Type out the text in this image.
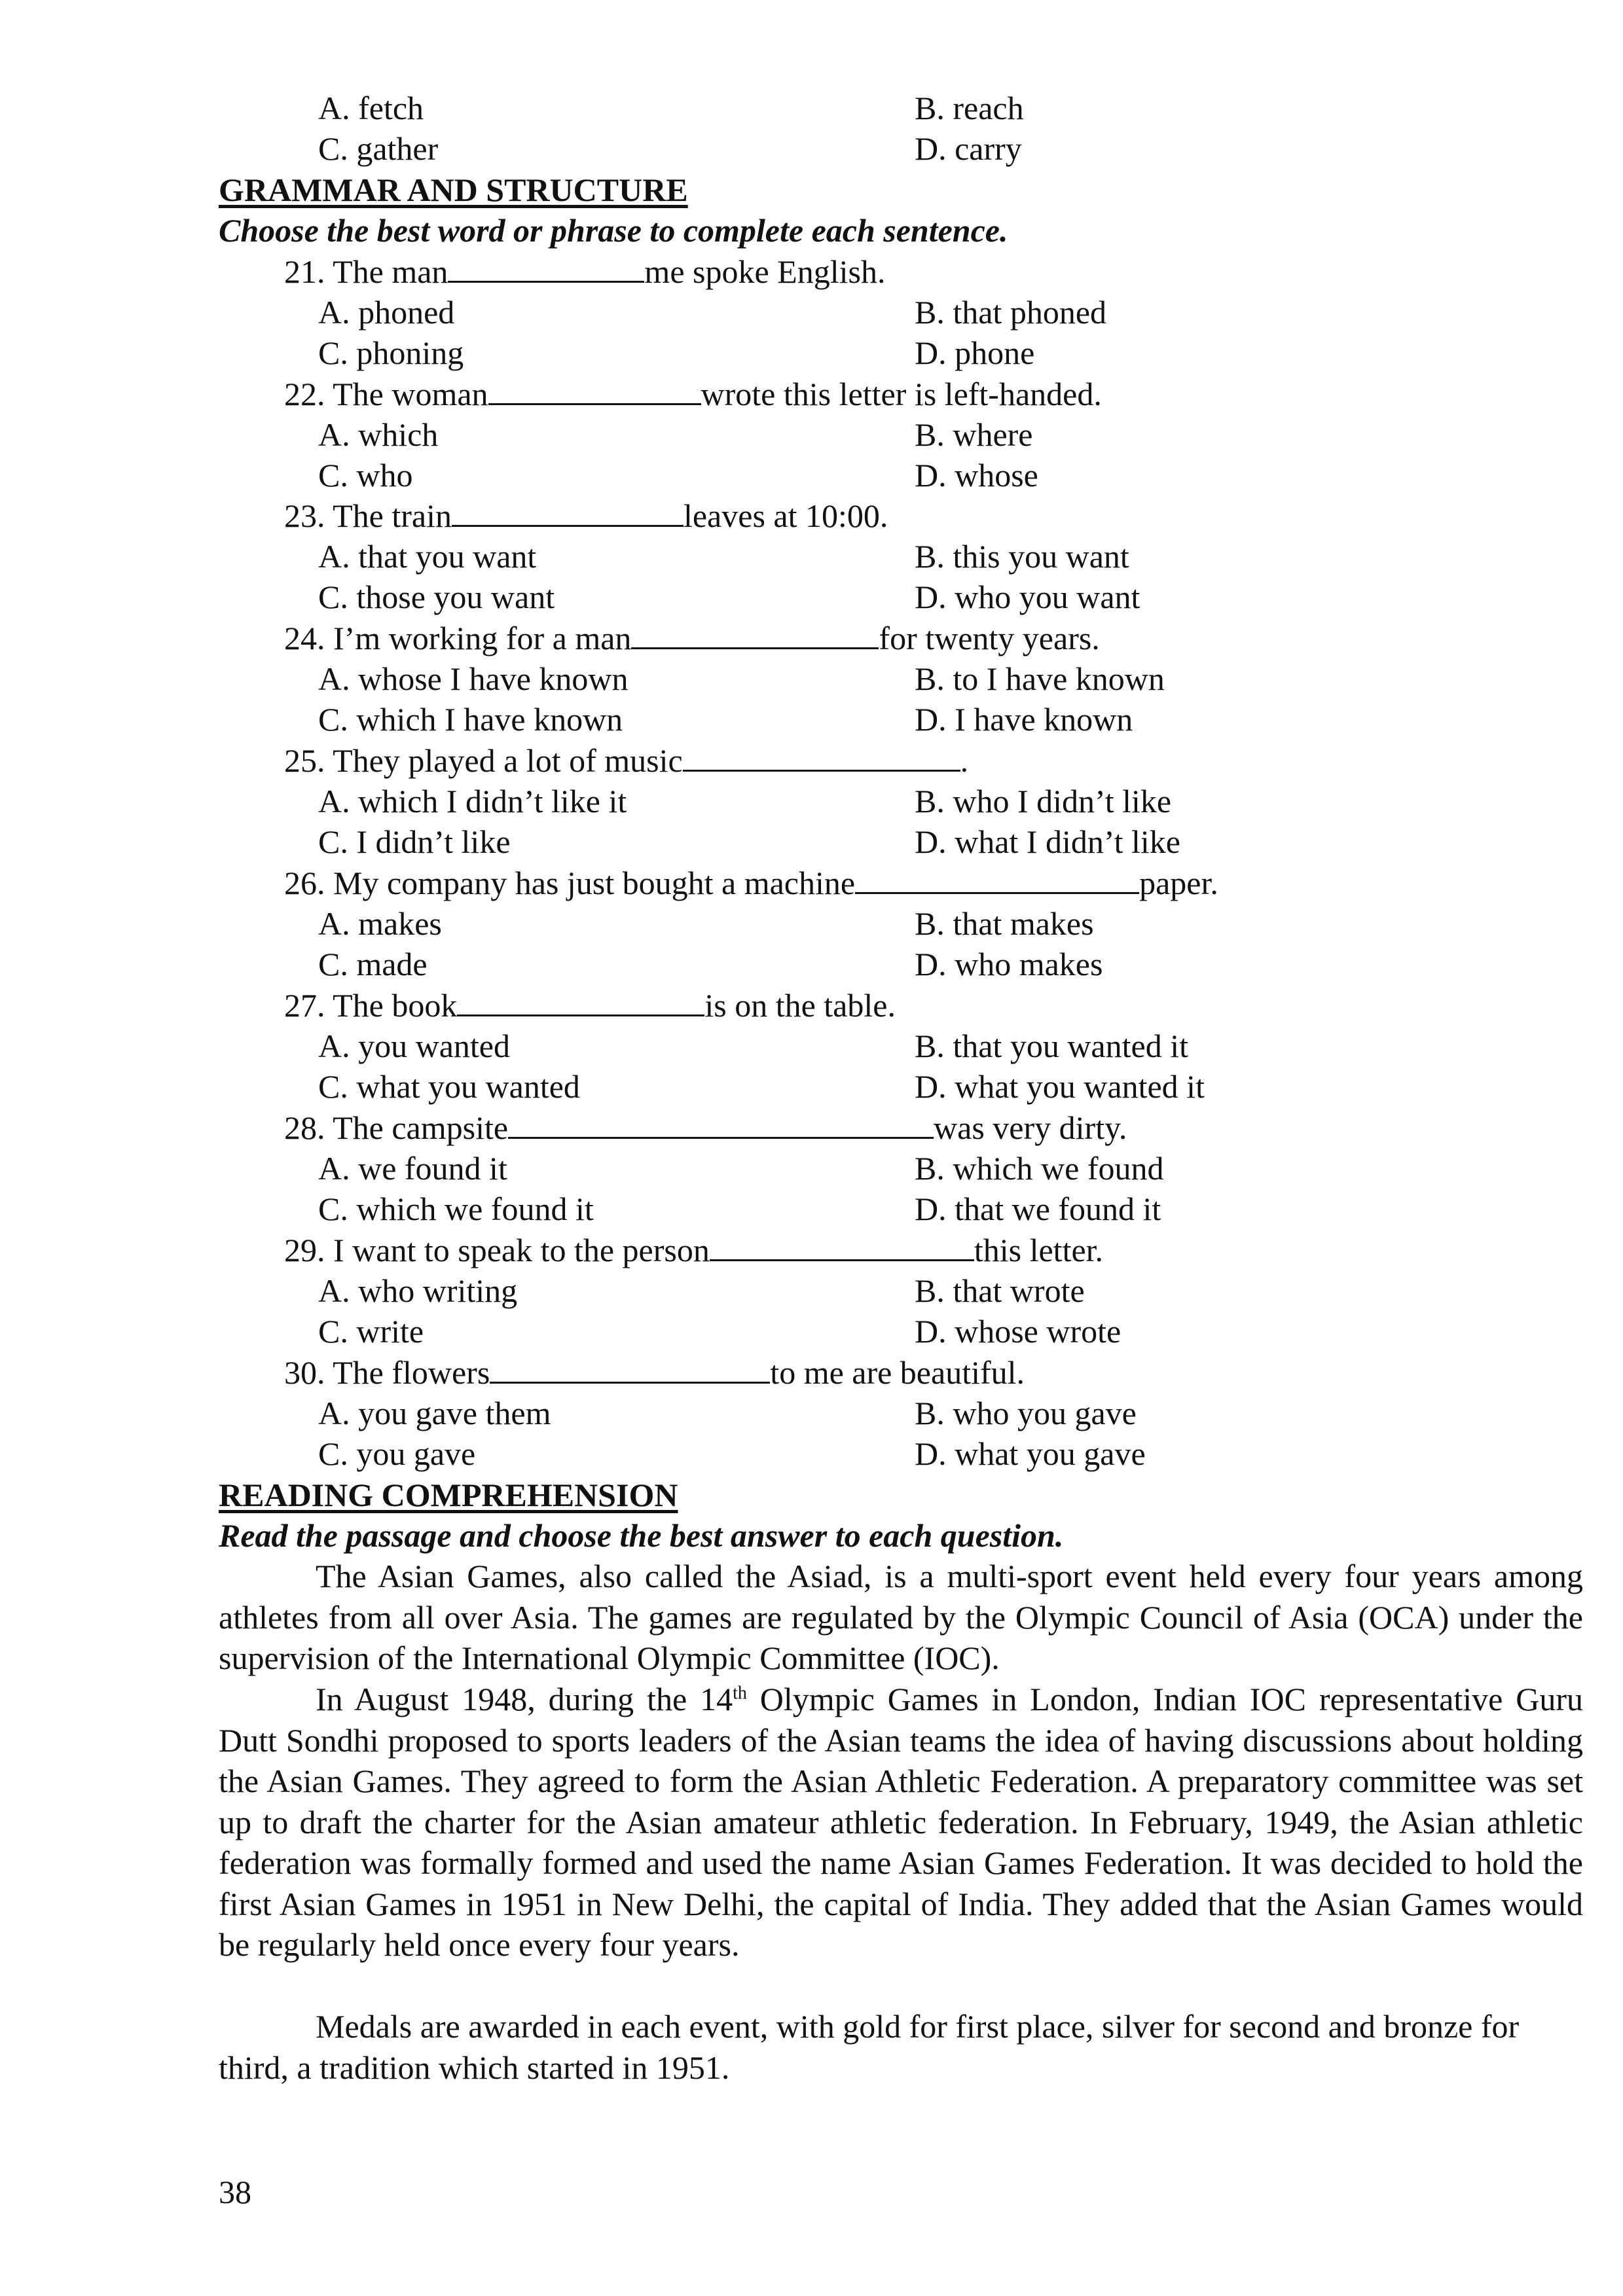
A. fetch	B. reach
C. gather	D. carry
GRAMMAR AND STRUCTURE
Choose the best word or phrase to complete each sentence.
21. The man	me spoke English.
A. phoned	B. that phoned
C. phoning	D. phone
22. The woman	wrote this letter is left-handed.
A. which	B. where
C. who	D. whose
23. The train	leaves at 10:00.
A. that you want	B. this you want
C. those you want	D. who you want
24. I’m working for a man	for twenty years.
A. whose I have known	B. to I have known
C. which I have known	D. I have known
25. They played a lot of music	.
A. which I didn’t like it	B. who I didn’t like
C. I didn’t like	D. what I didn’t like
26. My company has just bought a machine	paper.
A. makes	B. that makes
C. made	D. who makes
27. The book	is on the table.
A. you wanted	B. that you wanted it
C. what you wanted	D. what you wanted it
28. The campsite	was very dirty.
A. we found it	B. which we found
C. which we found it	D. that we found it
29. I want to speak to the person	this letter.
A. who writing	B. that wrote
C. write	D. whose wrote
30. The flowers	to me are beautiful.
A. you gave them	B. who you gave
C. you gave	D. what you gave
READING COMPREHENSION
Read the passage and choose the best answer to each question.

The Asian Games, also called the Asiad, is a multi-sport event held every four years among athletes from all over Asia. The games are regulated by the Olympic Council of Asia (OCA) under the supervision of the International Olympic Committee (IOC).

In August 1948, during the 14th Olympic Games in London, Indian IOC representative Guru Dutt Sondhi proposed to sports leaders of the Asian teams the idea of having discussions about holding the Asian Games. They agreed to form the Asian Athletic Federation. A preparatory committee was set up to draft the charter for the Asian amateur athletic federation. In February, 1949, the Asian athletic federation was formally formed and used the name Asian Games Federation. It was decided to hold the first Asian Games in 1951 in New Delhi, the capital of India. They added that the Asian Games would be regularly held once every four years.

Medals are awarded in each event, with gold for first place, silver for second and bronze for third, a tradition which started in 1951.

38
